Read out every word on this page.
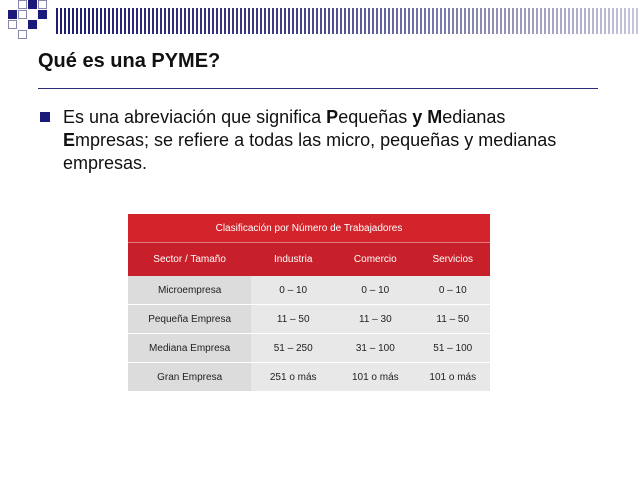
Qué es una PYME?
Es una abreviación que significa Pequeñas y Medianas
Empresas; se refiere a todas las micro, pequeñas y medianas empresas.
Clasificación por Número de Trabajadores			
Sector / Tamaño	Industria	Comercio	Servicios
Microempresa	0 – 10	0 – 10	0 – 10
Pequeña Empresa	11 – 50	11 – 30	11 – 50
Mediana Empresa	51 – 250	31 – 100	51 – 100
Gran Empresa	251 o más	101 o más	101 o más
